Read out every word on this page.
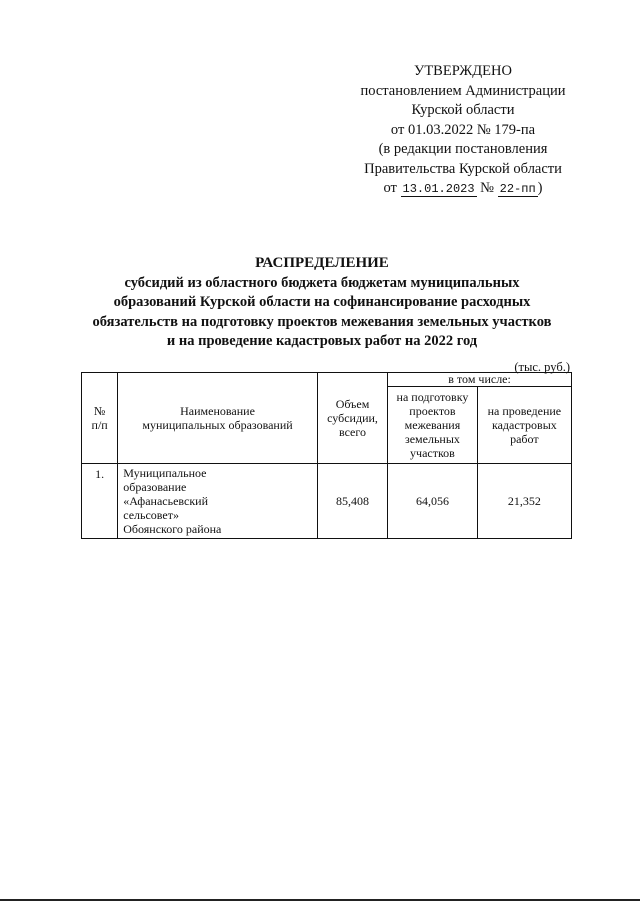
УТВЕРЖДЕНО
постановлением Администрации
Курской области
от 01.03.2022 № 179-па
(в редакции постановления
Правительства Курской области
от 13.01.2023 № 22-пп )
РАСПРЕДЕЛЕНИЕ
субсидий из областного бюджета бюджетам муниципальных
образований Курской области на софинансирование расходных
обязательств на подготовку проектов межевания земельных участков
и на проведение кадастровых работ на 2022 год
(тыс. руб.)
№
п/п	Наименование муниципальных образований	Объем субсидии, всего	в том числе:	
			на подготовку проектов межевания земельных участков	на проведение кадастровых работ
1.	Муниципальное
образование
«Афанасьевский
сельсовет»
Обоянского района	85,408	64,056	21,352
